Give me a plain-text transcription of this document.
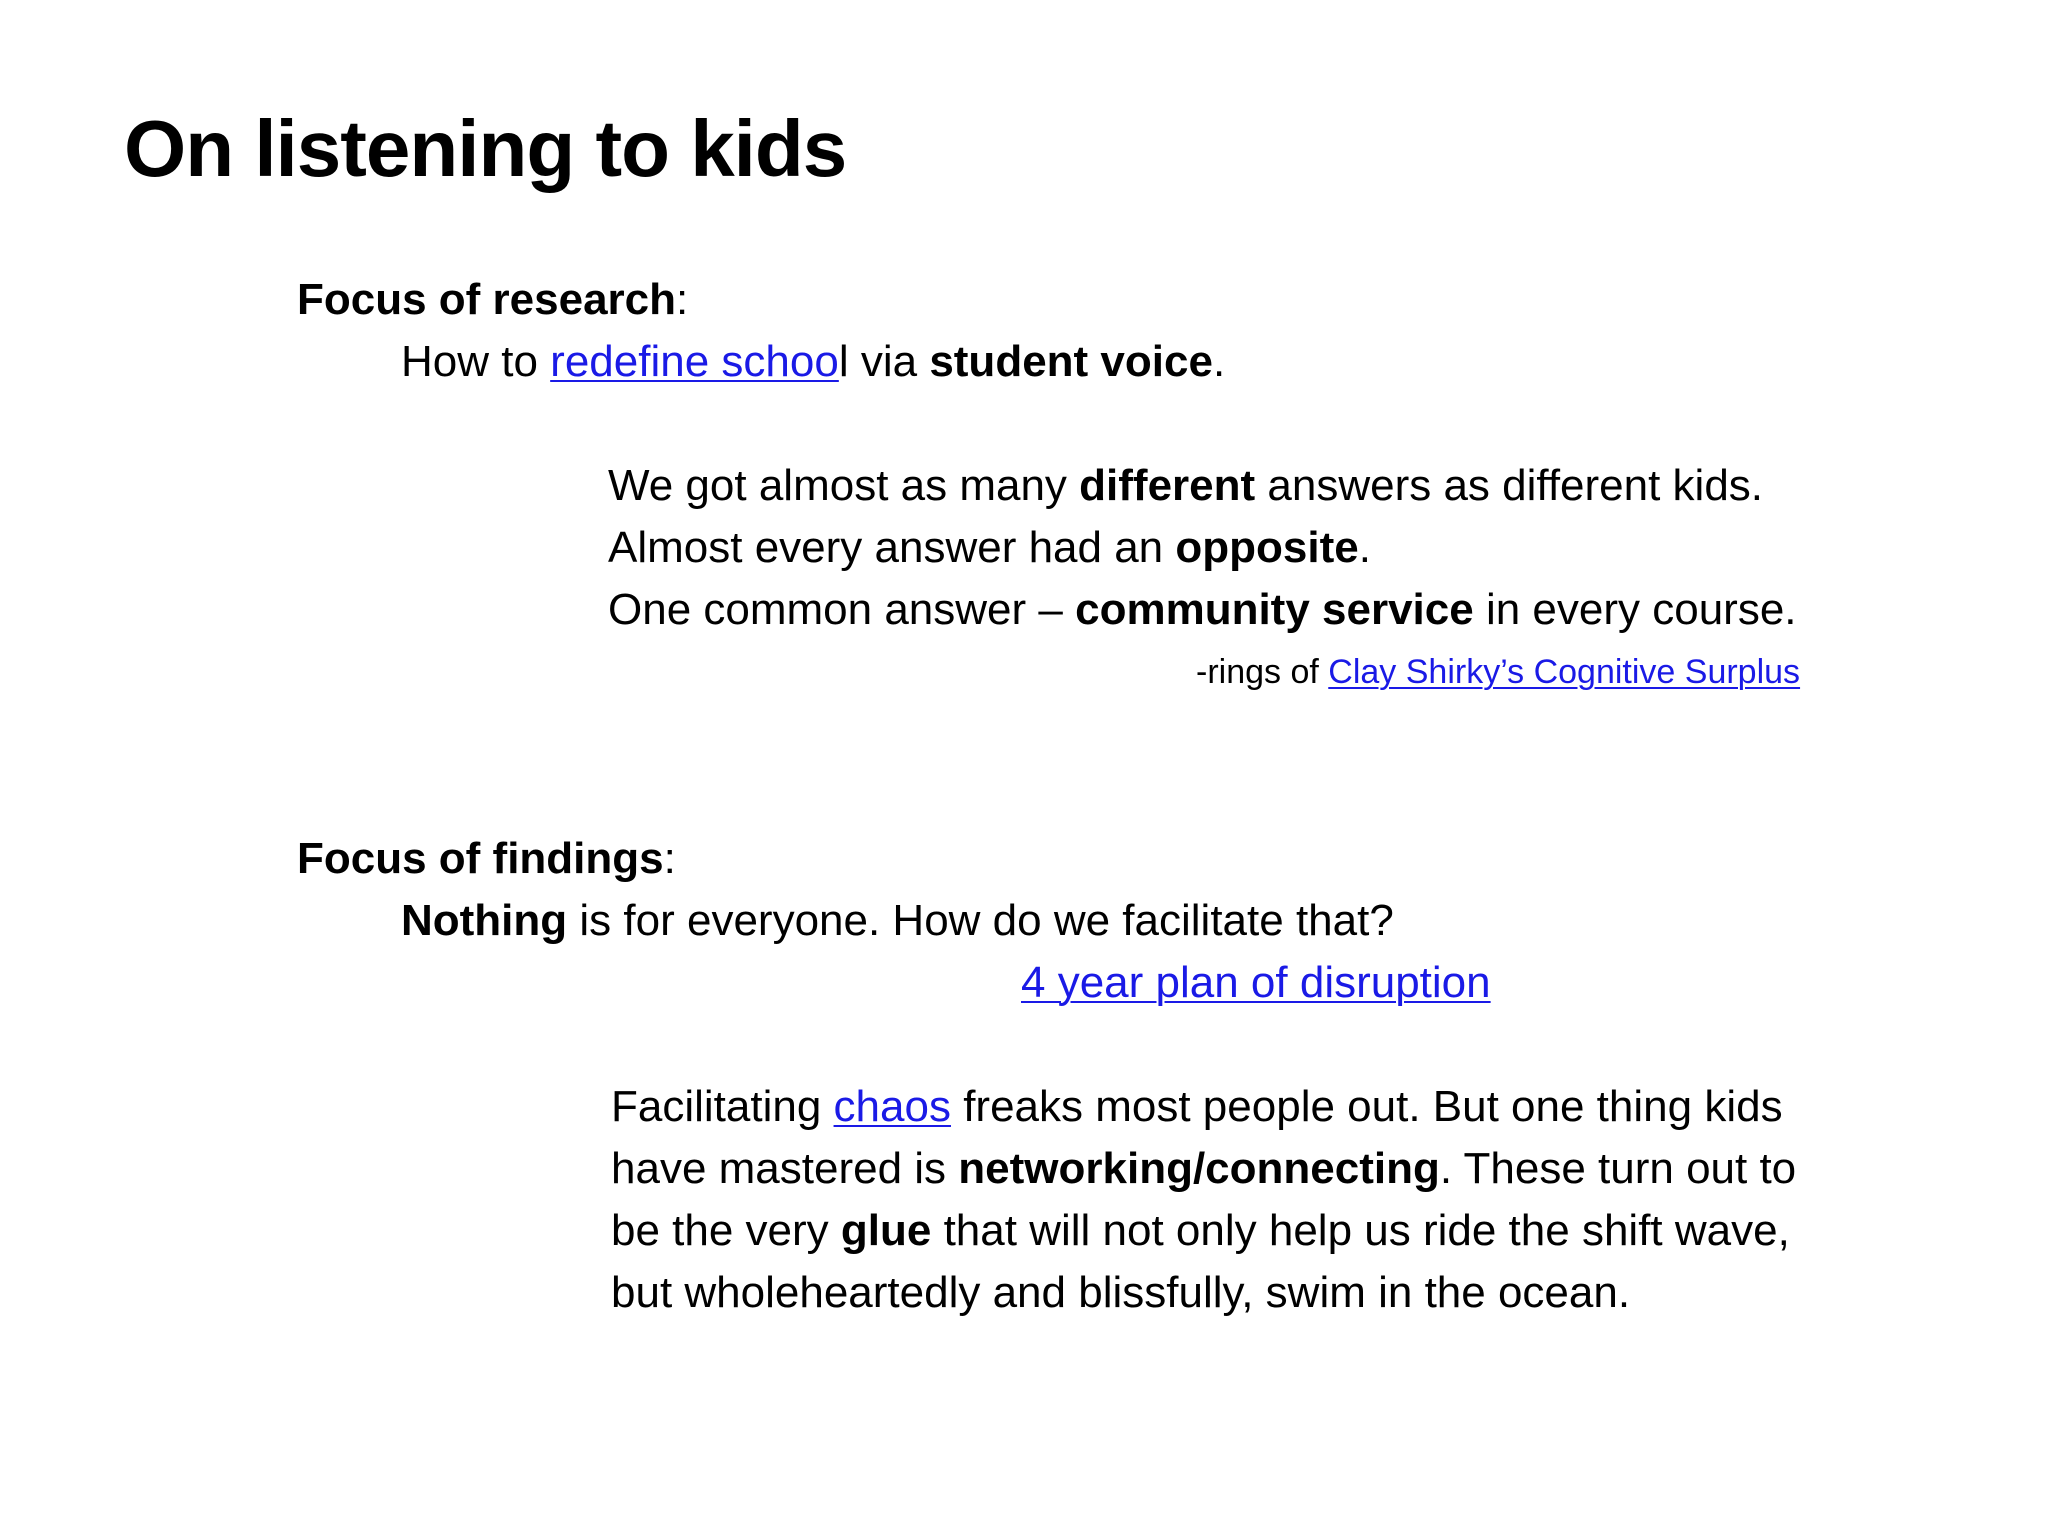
On listening to kids
Focus of research:
How to redefine school via student voice.
We got almost as many different answers as different kids.
Almost every answer had an opposite.
One common answer – community service in every course.
-rings of Clay Shirky’s Cognitive Surplus
Focus of findings:
Nothing is for everyone. How do we facilitate that?
4 year plan of disruption
Facilitating chaos freaks most people out. But one thing kids
have mastered is networking/connecting. These turn out to
be the very glue that will not only help us ride the shift wave,
but wholeheartedly and blissfully, swim in the ocean.
